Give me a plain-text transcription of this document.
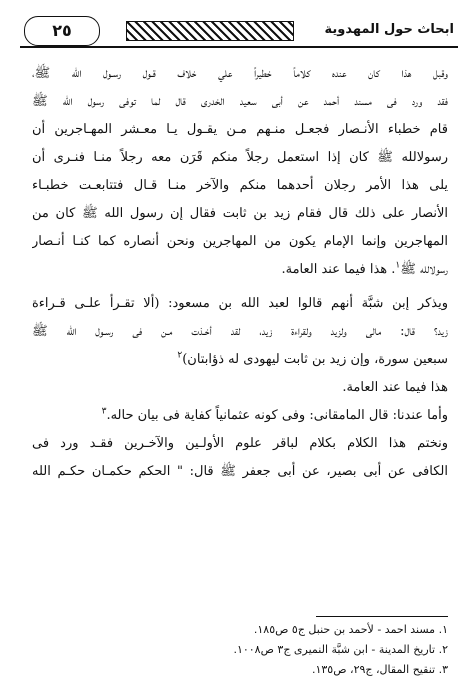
ابحاث حول المهدوية
٢٥
وقبل هذا كان عنده كلاماً خطيراً علي خلاف قـول رسـول الله ﷺ،
فقد ورد فى مسند أحمد عن أبى سعيد الخدرى قال لما توفى رسول الله ﷺ
قام خطباء الأنـصار فجعـل منـهم مـن يقـول يـا معـشر المهـاجرين أن
رسولالله ﷺ كان إذا استعمل رجلاً منكم قَرَن معه رجلاً منـا فنـرى أن
يلى هذا الأمر رجلان أحدهما منكم والآخر منـا قـال فتتابعـت خطبـاء
الأنصار على ذلك قال فقام زيد بن ثابت فقال إن رسول الله ﷺ كان من
المهاجرين وإنما الإمام يكون من المهاجرين ونحن أنصاره كما كنـا أنـصار
رسولالله ﷺ$^١$. هذا فيما عند العامة.
ويذكر إبن شبَّة أنهم قالوا لعبد الله بن مسعود: (ألا تقـرأ علـى قـراءة
زيد؟ قال: مالى ولزيد ولقراءة زيد، لقد أخـذت مـن فى رسـول الله ﷺ
سبعين سورة، وإن زيد بن ثابت ليهودى له ذؤابتان)$^٢$
هذا فيما عند العامة.
وأما عندنا: قال المامقانى: وفى كونه عثمانياً كفاية فى بيان حاله.$^٣$
ونختم هذا الكلام بكلام لباقر علوم الأولـين والآخـرين فقـد ورد فى
الكافى عن أبى بصير، عن أبى جعفر ﷺ قال: " الحكم حكمـان حكـم الله
١. مسند احمد - لأحمد بن حنبل ج٥ ص١٨٥.
٢. تاريخ المدينة - ابن شبَّة النميرى ج٣ ص١٠٠٨.
٣. تنقيح المقال، ج٢٩، ص١٣٥.
